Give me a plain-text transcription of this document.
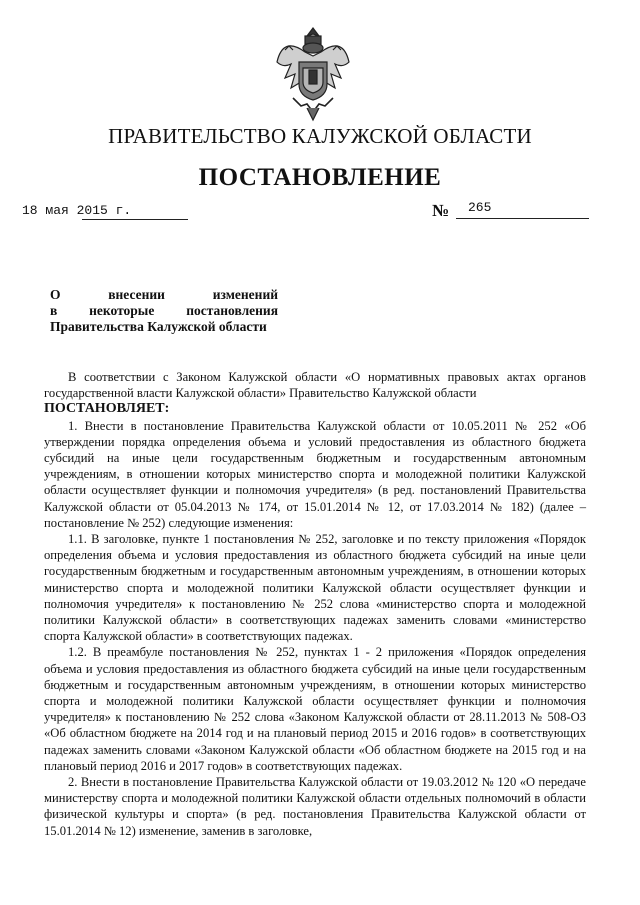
ПРАВИТЕЛЬСТВО КАЛУЖСКОЙ ОБЛАСТИ
ПОСТАНОВЛЕНИЕ
18 мая 2015 г.	№ 265
О внесении изменений
в некоторые постановления
Правительства Калужской области

В соответствии с Законом Калужской области «О нормативных правовых актах органов государственной власти Калужской области» Правительство Калужской области

ПОСТАНОВЛЯЕТ:

1. Внести в постановление Правительства Калужской области от 10.05.2011 № 252 «Об утверждении порядка определения объема и условий предоставления из областного бюджета субсидий на иные цели государственным бюджетным и государственным автономным учреждениям, в отношении которых министерство спорта и молодежной политики Калужской области осуществляет функции и полномочия учредителя» (в ред. постановлений Правительства Калужской области от 05.04.2013 № 174, от 15.01.2014 № 12, от 17.03.2014 № 182) (далее – постановление № 252) следующие изменения:

1.1. В заголовке, пункте 1 постановления № 252, заголовке и по тексту приложения «Порядок определения объема и условия предоставления из областного бюджета субсидий на иные цели государственным бюджетным и государственным автономным учреждениям, в отношении которых министерство спорта и молодежной политики Калужской области осуществляет функции и полномочия учредителя» к постановлению № 252 слова «министерство спорта и молодежной политики Калужской области» в соответствующих падежах заменить словами «министерство спорта Калужской области» в соответствующих падежах.

1.2. В преамбуле постановления № 252, пунктах 1 - 2 приложения «Порядок определения объема и условия предоставления из областного бюджета субсидий на иные цели государственным бюджетным и государственным автономным учреждениям, в отношении которых министерство спорта и молодежной политики Калужской области осуществляет функции и полномочия учредителя» к постановлению № 252 слова «Законом Калужской области от 28.11.2013 № 508-ОЗ «Об областном бюджете на 2014 год и на плановый период 2015 и 2016 годов» в соответствующих падежах заменить словами «Законом Калужской области «Об областном бюджете на 2015 год и на плановый период 2016 и 2017 годов» в соответствующих падежах.

2. Внести в постановление Правительства Калужской области от 19.03.2012 № 120 «О передаче министерству спорта и молодежной политики Калужской области отдельных полномочий в области физической культуры и спорта» (в ред. постановления Правительства Калужской области от 15.01.2014 № 12) изменение, заменив в заголовке,
